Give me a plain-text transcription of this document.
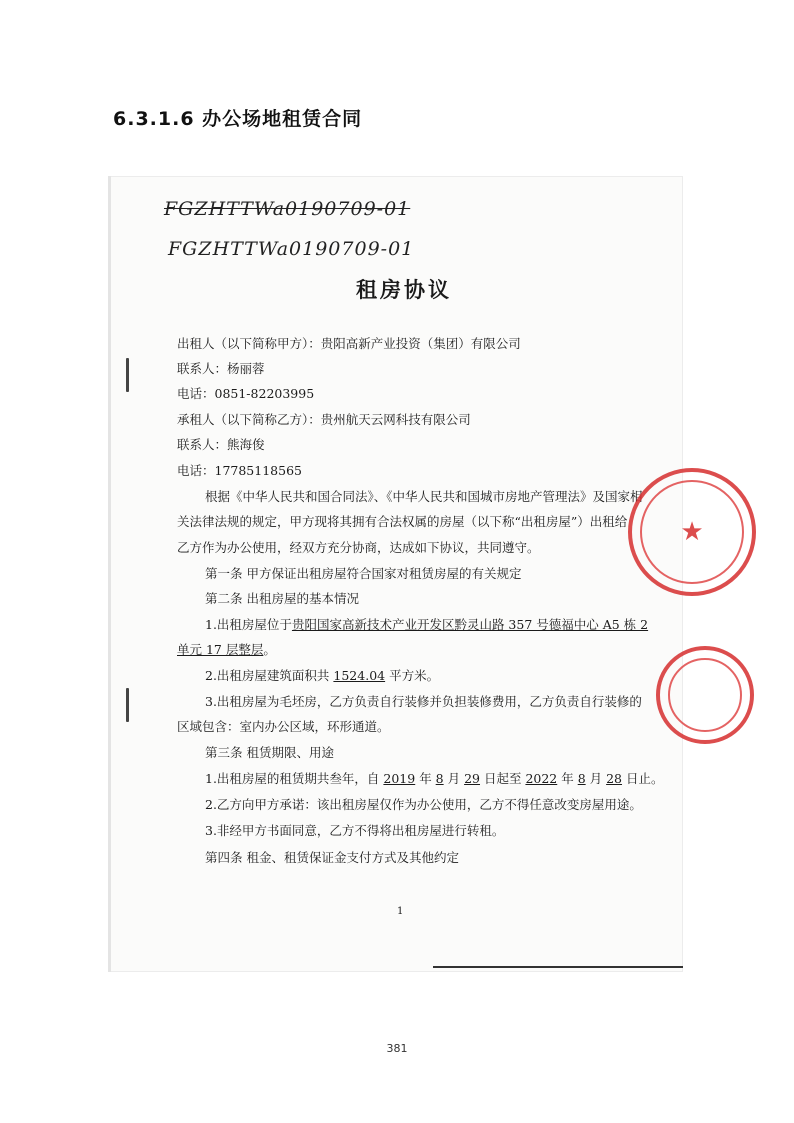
6.3.1.6 办公场地租赁合同
FGZHTTWa0190709-01
FGZHTTWa0190709-01
租房协议
出租人（以下简称甲方）：贵阳高新产业投资（集团）有限公司
联系人：杨丽蓉
电话：0851-82203995
承租人（以下简称乙方）：贵州航天云网科技有限公司
联系人：熊海俊
电话：17785118565
根据《中华人民共和国合同法》、《中华人民共和国城市房地产管理法》及国家相
关法律法规的规定，甲方现将其拥有合法权属的房屋（以下称“出租房屋”）出租给
乙方作为办公使用，经双方充分协商，达成如下协议，共同遵守。
第一条 甲方保证出租房屋符合国家对租赁房屋的有关规定
第二条 出租房屋的基本情况
1.出租房屋位于贵阳国家高新技术产业开发区黔灵山路 357 号德福中心 A5 栋 2
单元 17 层整层。
2.出租房屋建筑面积共 1524.04 平方米。
3.出租房屋为毛坯房，乙方负责自行装修并负担装修费用，乙方负责自行装修的
区域包含：室内办公区域，环形通道。
第三条 租赁期限、用途
1.出租房屋的租赁期共叁年，自 2019 年 8 月 29 日起至 2022 年 8 月 28 日止。
2.乙方向甲方承诺：该出租房屋仅作为办公使用，乙方不得任意改变房屋用途。
3.非经甲方书面同意，乙方不得将出租房屋进行转租。
第四条 租金、租赁保证金支付方式及其他约定
1
★
381
